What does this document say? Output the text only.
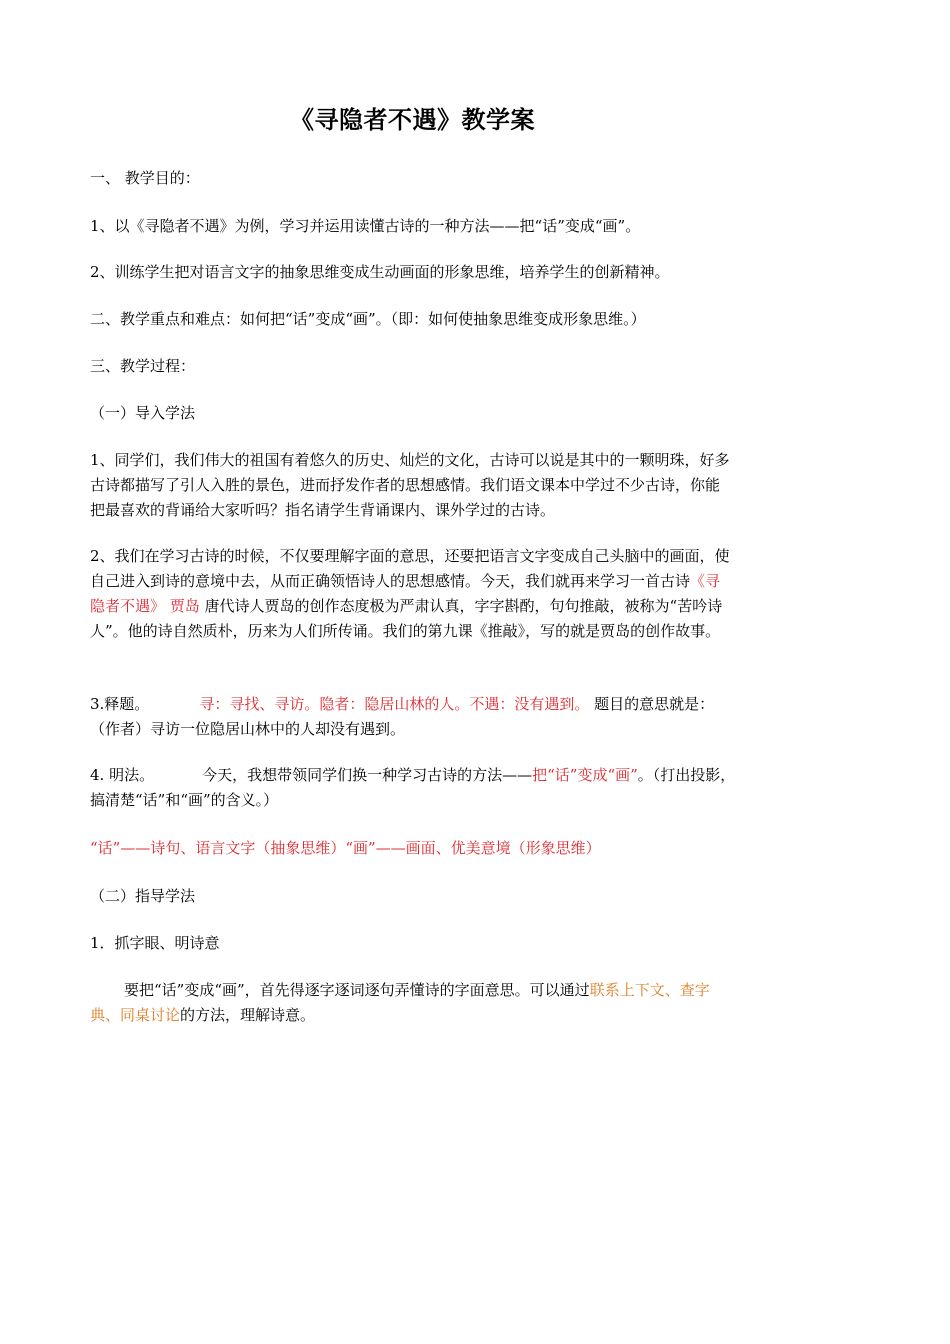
《寻隐者不遇》教学案
一、 教学目的：
1、以《寻隐者不遇》为例，学习并运用读懂古诗的一种方法——把“话”变成“画”。
2、训练学生把对语言文字的抽象思维变成生动画面的形象思维，培养学生的创新精神。
二、教学重点和难点：如何把“话”变成“画”。（即：如何使抽象思维变成形象思维。）
三、教学过程：
（一）导入学法
1、同学们，我们伟大的祖国有着悠久的历史、灿烂的文化，古诗可以说是其中的一颗明珠，好多古诗都描写了引人入胜的景色，进而抒发作者的思想感情。我们语文课本中学过不少古诗，你能把最喜欢的背诵给大家听吗？指名请学生背诵课内、课外学过的古诗。
2、我们在学习古诗的时候，不仅要理解字面的意思，还要把语言文字变成自己头脑中的画面，使自己进入到诗的意境中去，从而正确领悟诗人的思想感情。今天，我们就再来学习一首古诗《寻隐者不遇》 贾岛 唐代诗人贾岛的创作态度极为严肃认真，字字斟酌，句句推敲，被称为“苦吟诗人”。他的诗自然质朴，历来为人们所传诵。我们的第九课《推敲》，写的就是贾岛的创作故事。
3.释题。	寻：寻找、寻访。隐者：隐居山林的人。不遇：没有遇到。 题目的意思就是：（作者）寻访一位隐居山林中的人却没有遇到。
4. 明法。	今天，我想带领同学们换一种学习古诗的方法——把“话”变成“画”。（打出投影，搞清楚“话”和“画”的含义。）
“话”——诗句、语言文字（抽象思维）“画”——画面、优美意境（形象思维）
（二）指导学法
1．抓字眼、明诗意
要把“话”变成“画”，首先得逐字逐词逐句弄懂诗的字面意思。可以通过联系上下文、查字典、同桌讨论的方法，理解诗意。
